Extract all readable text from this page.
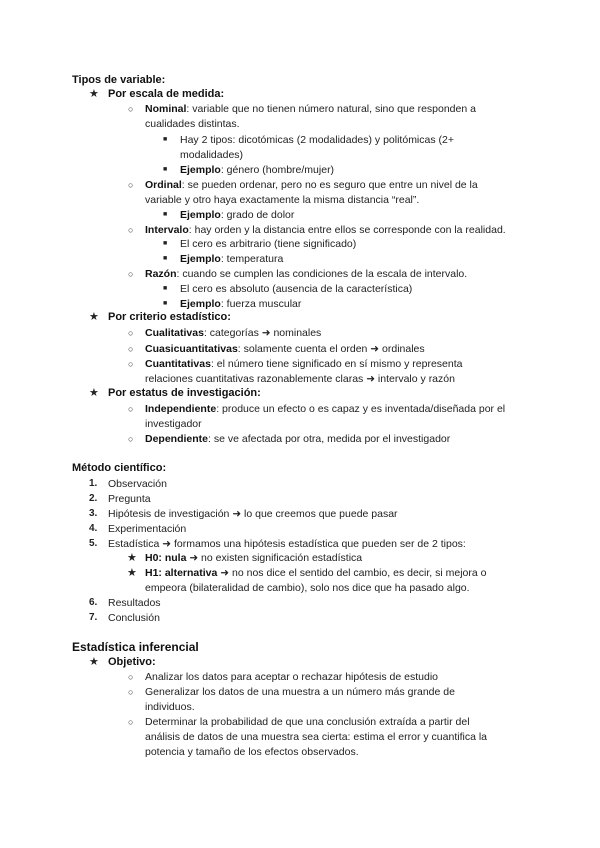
Tipos de variable:
★ Por escala de medida:
○ Nominal: variable que no tienen número natural, sino que responden a
cualidades distintas.
■ Hay 2 tipos: dicotómicas (2 modalidades) y politómicas (2+
modalidades)
■ Ejemplo: género (hombre/mujer)
○ Ordinal: se pueden ordenar, pero no es seguro que entre un nivel de la
variable y otro haya exactamente la misma distancia “real”.
■ Ejemplo: grado de dolor
○ Intervalo: hay orden y la distancia entre ellos se corresponde con la realidad.
■ El cero es arbitrario (tiene significado)
■ Ejemplo: temperatura
○ Razón: cuando se cumplen las condiciones de la escala de intervalo.
■ El cero es absoluto (ausencia de la característica)
■ Ejemplo: fuerza muscular
★ Por criterio estadístico:
○ Cualitativas: categorías ➜ nominales
○ Cuasicuantitativas: solamente cuenta el orden ➜ ordinales
○ Cuantitativas: el número tiene significado en sí mismo y representa
relaciones cuantitativas razonablemente claras ➜ intervalo y razón
★ Por estatus de investigación:
○ Independiente: produce un efecto o es capaz y es inventada/diseñada por el
investigador
○ Dependiente: se ve afectada por otra, medida por el investigador
Método científico:
1. Observación
2. Pregunta
3. Hipótesis de investigación ➜ lo que creemos que puede pasar
4. Experimentación
5. Estadística ➜ formamos una hipótesis estadística que pueden ser de 2 tipos:
★ H0: nula ➜ no existen significación estadística
★ H1: alternativa ➜ no nos dice el sentido del cambio, es decir, si mejora o
empeora (bilateralidad de cambio), solo nos dice que ha pasado algo.
6. Resultados
7. Conclusión
Estadística inferencial
★ Objetivo:
○ Analizar los datos para aceptar o rechazar hipótesis de estudio
○ Generalizar los datos de una muestra a un número más grande de
individuos.
○ Determinar la probabilidad de que una conclusión extraída a partir del
análisis de datos de una muestra sea cierta: estima el error y cuantifica la
potencia y tamaño de los efectos observados.
